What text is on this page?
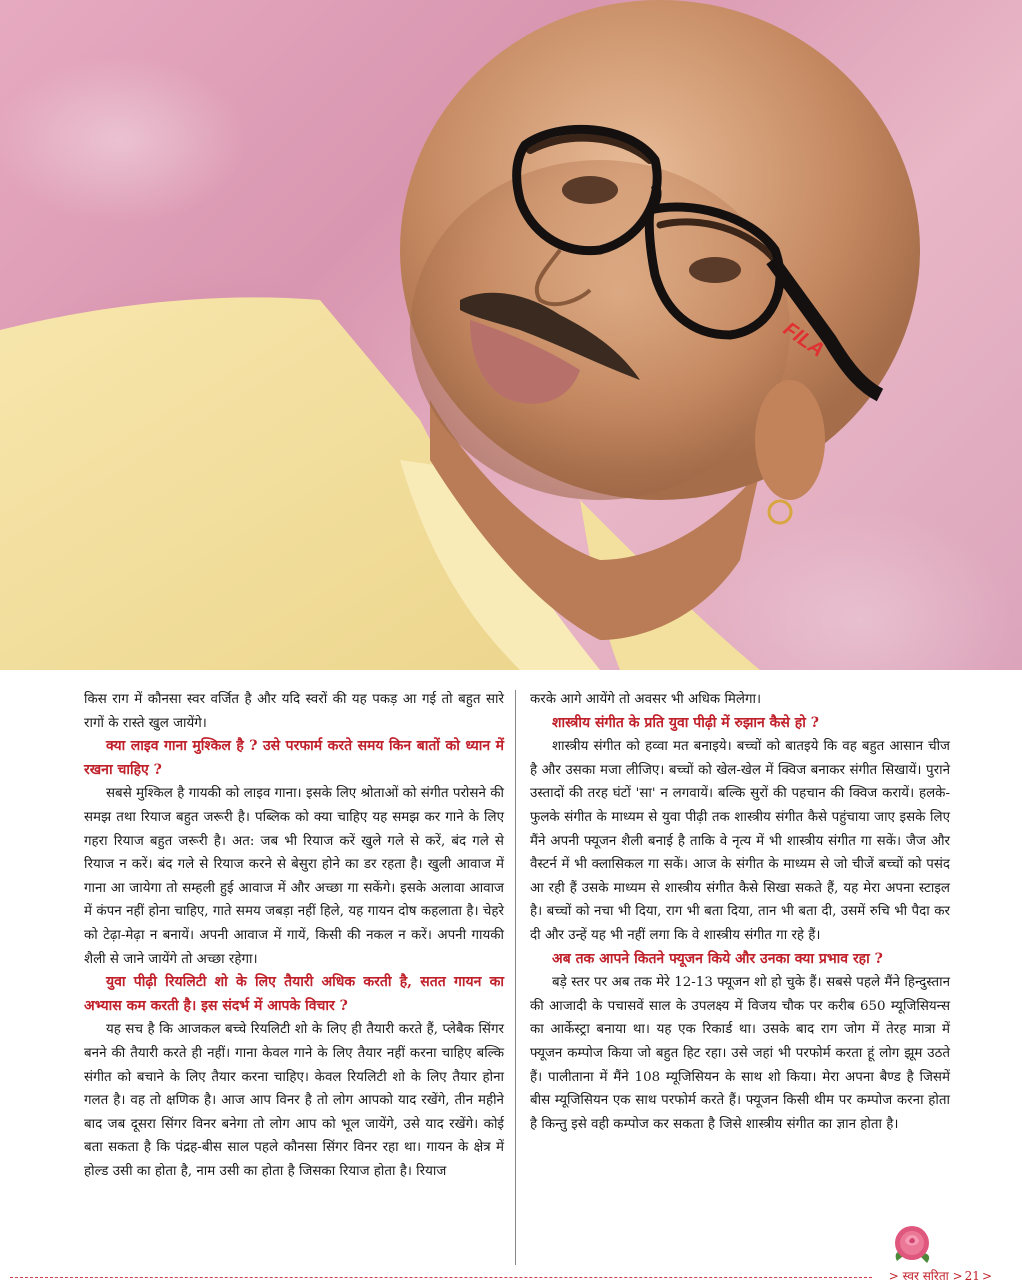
FILA

किस राग में कौनसा स्वर वर्जित है और यदि स्वरों की यह पकड़ आ गई तो बहुत सारे रागों के रास्ते खुल जायेंगे।

क्या लाइव गाना मुश्किल है ? उसे परफार्म करते समय किन बातों को ध्यान में रखना चाहिए ?

सबसे मुश्किल है गायकी को लाइव गाना। इसके लिए श्रोताओं को संगीत परोसने की समझ तथा रियाज बहुत जरूरी है। पब्लिक को क्या चाहिए यह समझ कर गाने के लिए गहरा रियाज बहुत जरूरी है। अत: जब भी रियाज करें खुले गले से करें, बंद गले से रियाज न करें। बंद गले से रियाज करने से बेसुरा होने का डर रहता है। खुली आवाज में गाना आ जायेगा तो सम्हली हुई आवाज में और अच्छा गा सकेंगे। इसके अलावा आवाज में कंपन नहीं होना चाहिए, गाते समय जबड़ा नहीं हिले, यह गायन दोष कहलाता है। चेहरे को टेढ़ा-मेढ़ा न बनायें। अपनी आवाज में गायें, किसी की नकल न करें। अपनी गायकी शैली से जाने जायेंगे तो अच्छा रहेगा।

युवा पीढ़ी रियलिटी शो के लिए तैयारी अधिक करती है, सतत गायन का अभ्यास कम करती है। इस संदर्भ में आपके विचार ?

यह सच है कि आजकल बच्चे रियलिटी शो के लिए ही तैयारी करते हैं, प्लेबैक सिंगर बनने की तैयारी करते ही नहीं। गाना केवल गाने के लिए तैयार नहीं करना चाहिए बल्कि संगीत को बचाने के लिए तैयार करना चाहिए। केवल रियलिटी शो के लिए तैयार होना गलत है। वह तो क्षणिक है। आज आप विनर है तो लोग आपको याद रखेंगे, तीन महीने बाद जब दूसरा सिंगर विनर बनेगा तो लोग आप को भूल जायेंगे, उसे याद रखेंगे। कोई बता सकता है कि पंद्रह-बीस साल पहले कौनसा सिंगर विनर रहा था। गायन के क्षेत्र में होल्ड उसी का होता है, नाम उसी का होता है जिसका रियाज होता है। रियाज

करके आगे आयेंगे तो अवसर भी अधिक मिलेगा।

शास्त्रीय संगीत के प्रति युवा पीढ़ी में रुझान कैसे हो ?

शास्त्रीय संगीत को हव्वा मत बनाइये। बच्चों को बातइये कि वह बहुत आसान चीज है और उसका मजा लीजिए। बच्चों को खेल-खेल में क्विज बनाकर संगीत सिखायें। पुराने उस्तादों की तरह घंटों 'सा' न लगवायें। बल्कि सुरों की पहचान की क्विज करायें। हलके-फुलके संगीत के माध्यम से युवा पीढ़ी तक शास्त्रीय संगीत कैसे पहुंचाया जाए इसके लिए मैंने अपनी फ्यूजन शैली बनाई है ताकि वे नृत्य में भी शास्त्रीय संगीत गा सकें। जैज और वैस्टर्न में भी क्लासिकल गा सकें। आज के संगीत के माध्यम से जो चीजें बच्चों को पसंद आ रही हैं उसके माध्यम से शास्त्रीय संगीत कैसे सिखा सकते हैं, यह मेरा अपना स्टाइल है। बच्चों को नचा भी दिया, राग भी बता दिया, तान भी बता दी, उसमें रुचि भी पैदा कर दी और उन्हें यह भी नहीं लगा कि वे शास्त्रीय संगीत गा रहे हैं।

अब तक आपने कितने फ्यूजन किये और उनका क्या प्रभाव रहा ?

बड़े स्तर पर अब तक मेरे 12-13 फ्यूजन शो हो चुके हैं। सबसे पहले मैंने हिन्दुस्तान की आजादी के पचासवें साल के उपलक्ष्य में विजय चौक पर करीब 650 म्यूजिसियन्स का आर्केस्ट्रा बनाया था। यह एक रिकार्ड था। उसके बाद राग जोग में तेरह मात्रा में फ्यूजन कम्पोज किया जो बहुत हिट रहा। उसे जहां भी परफोर्म करता हूं लोग झूम उठते हैं। पालीताना में मैंने 108 म्यूजिसियन के साथ शो किया। मेरा अपना बैण्ड है जिसमें बीस म्यूजिसियन एक साथ परफोर्म करते हैं। फ्यूजन किसी थीम पर कम्पोज करना होता है किन्तु इसे वही कम्पोज कर सकता है जिसे शास्त्रीय संगीत का ज्ञान होता है।

> स्वर सरिता > 21 >
